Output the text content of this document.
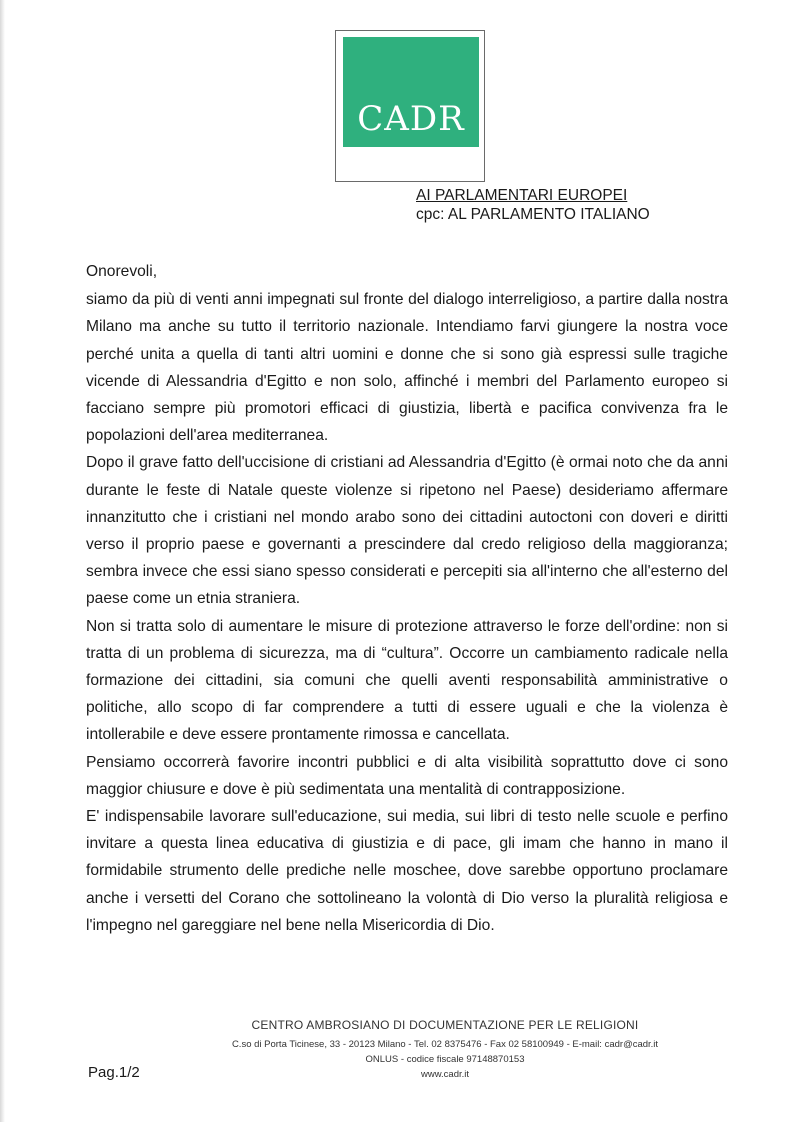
CADR
AI PARLAMENTARI EUROPEI
cpc: AL PARLAMENTO ITALIANO

Onorevoli,

siamo da più di venti anni impegnati sul fronte del dialogo interreligioso, a partire dalla nostra Milano ma anche su tutto il territorio nazionale. Intendiamo farvi giungere la nostra voce perché unita a quella di tanti altri uomini e donne che si sono già espressi sulle tragiche vicende di Alessandria d'Egitto e non solo, affinché i membri del Parlamento europeo si facciano sempre più promotori efficaci di giustizia, libertà e pacifica convivenza fra le popolazioni dell'area mediterranea.

Dopo il grave fatto dell'uccisione di cristiani ad Alessandria d'Egitto (è ormai noto che da anni durante le feste di Natale queste violenze si ripetono nel Paese) desideriamo affermare innanzitutto che i cristiani nel mondo arabo sono dei cittadini autoctoni con doveri e diritti verso il proprio paese e governanti a prescindere dal credo religioso della maggioranza; sembra invece che essi siano spesso considerati e percepiti sia all'interno che all'esterno del paese come un etnia straniera.

Non si tratta solo di aumentare le misure di protezione attraverso le forze dell'ordine: non si tratta di un problema di sicurezza, ma di “cultura”. Occorre un cambiamento radicale nella formazione dei cittadini, sia comuni che quelli aventi responsabilità amministrative o politiche, allo scopo di far comprendere a tutti di essere uguali e che la violenza è intollerabile e deve essere prontamente rimossa e cancellata.

Pensiamo occorrerà favorire incontri pubblici e di alta visibilità soprattutto dove ci sono maggior chiusure e dove è più sedimentata una mentalità di contrapposizione.

E' indispensabile lavorare sull'educazione, sui media, sui libri di testo nelle scuole e perfino invitare a questa linea educativa di giustizia e di pace, gli imam che hanno in mano il formidabile strumento delle prediche nelle moschee, dove sarebbe opportuno proclamare anche i versetti del Corano che sottolineano la volontà di Dio verso la pluralità religiosa e l'impegno nel gareggiare nel bene nella Misericordia di Dio.

CENTRO AMBROSIANO DI DOCUMENTAZIONE PER LE RELIGIONI
C.so di Porta Ticinese, 33 - 20123 Milano - Tel. 02 8375476 - Fax 02 58100949 - E-mail: cadr@cadr.it
ONLUS - codice fiscale 97148870153
www.cadr.it
Pag.1/2
